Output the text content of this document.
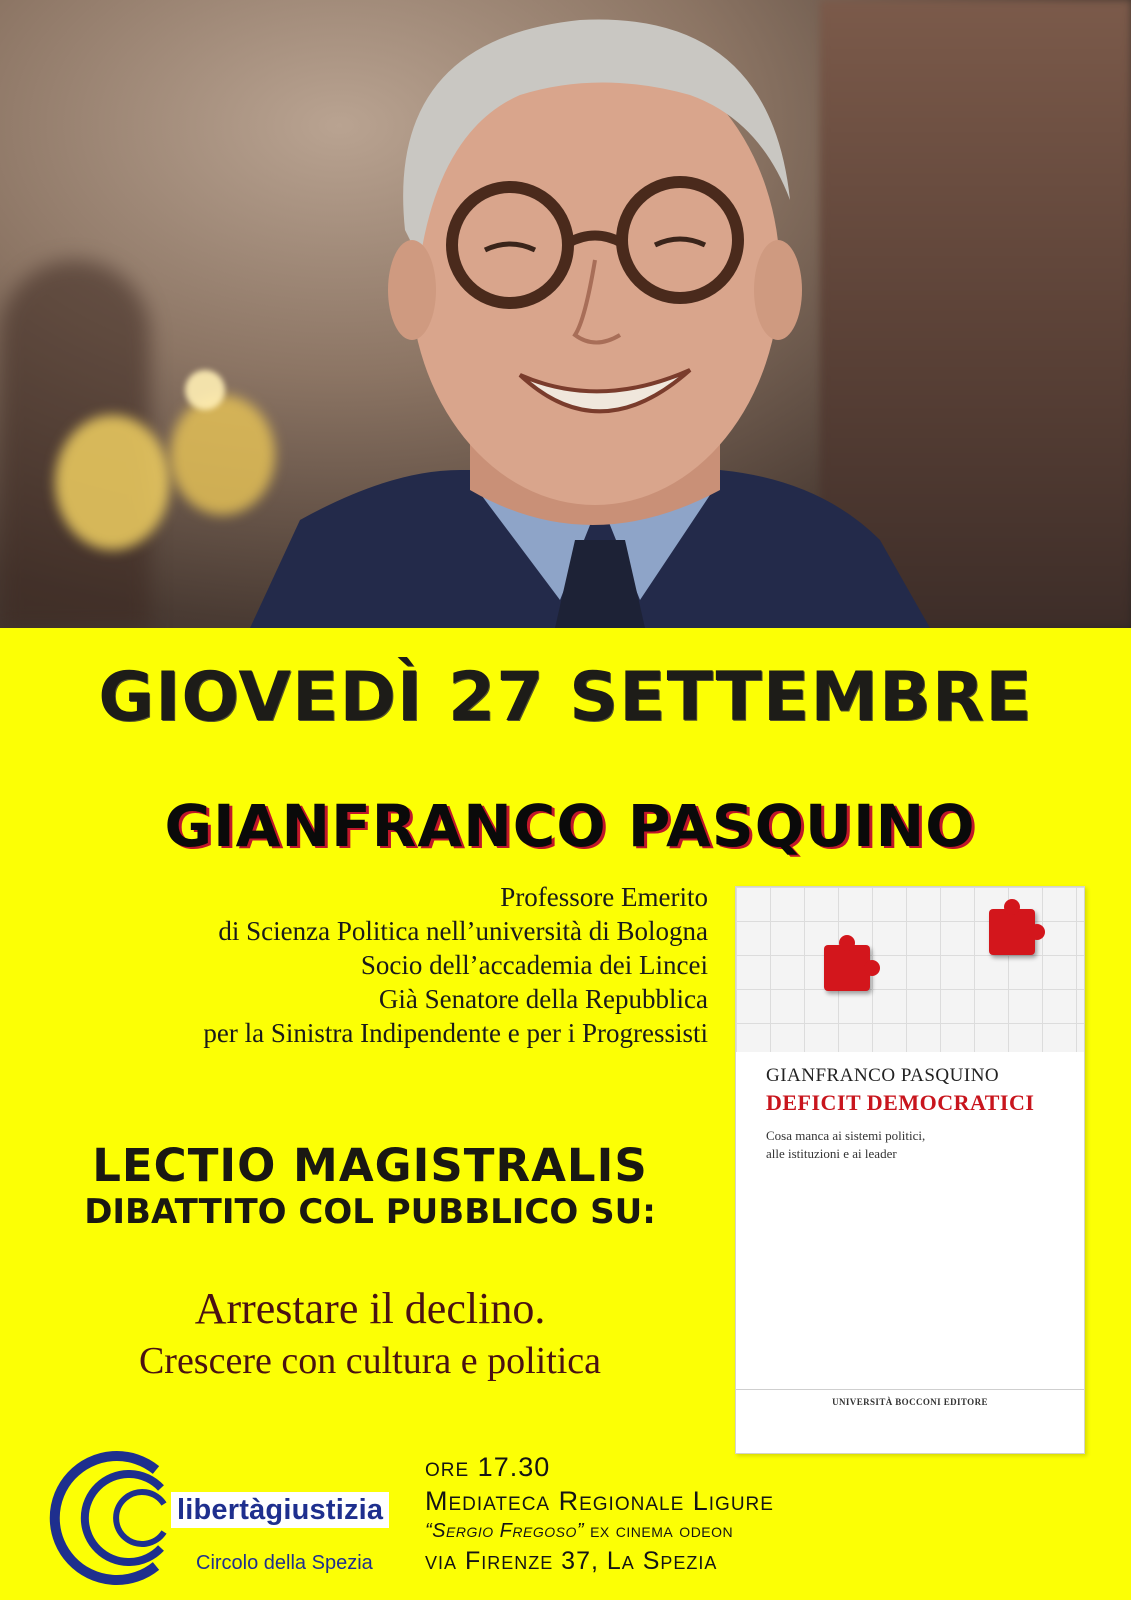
GIOVEDÌ 27 SETTEMBRE
GIANFRANCO PASQUINO
Professore Emerito
di Scienza Politica nell’università di Bologna
Socio dell’accademia dei Lincei
Già Senatore della Repubblica
per la Sinistra Indipendente e per i Progressisti
LECTIO MAGISTRALIS
DIBATTITO COL PUBBLICO SU:
Arrestare il declino.
Crescere con cultura e politica
GIANFRANCO PASQUINO
DEFICIT DEMOCRATICI
Cosa manca ai sistemi politici,
alle istituzioni e ai leader
UNIVERSITÀ BOCCONI EDITORE
libertàgiustizia
Circolo della Spezia
ore 17.30
Mediateca Regionale Ligure
“Sergio Fregoso” ex cinema odeon
via Firenze 37, La Spezia
